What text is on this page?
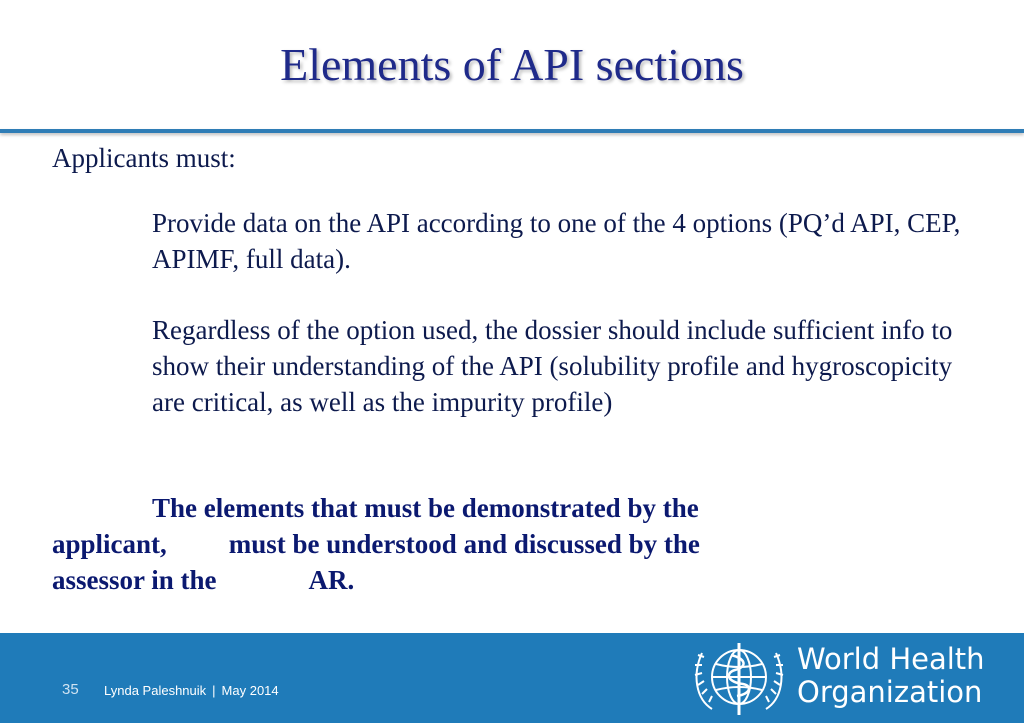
Elements of API sections
Applicants must:
Provide data on the API according to one of the 4 options (PQ’d API, CEP, APIMF, full data).
Regardless of the option used, the dossier should include sufficient info to show their understanding of the API (solubility profile and hygroscopicity are critical, as well as the impurity profile)
The elements that must be demonstrated by the
applicant, must be understood and discussed by the
assessor in the	AR.
35 Lynda Paleshnuik | May 2014
World Health
Organization
